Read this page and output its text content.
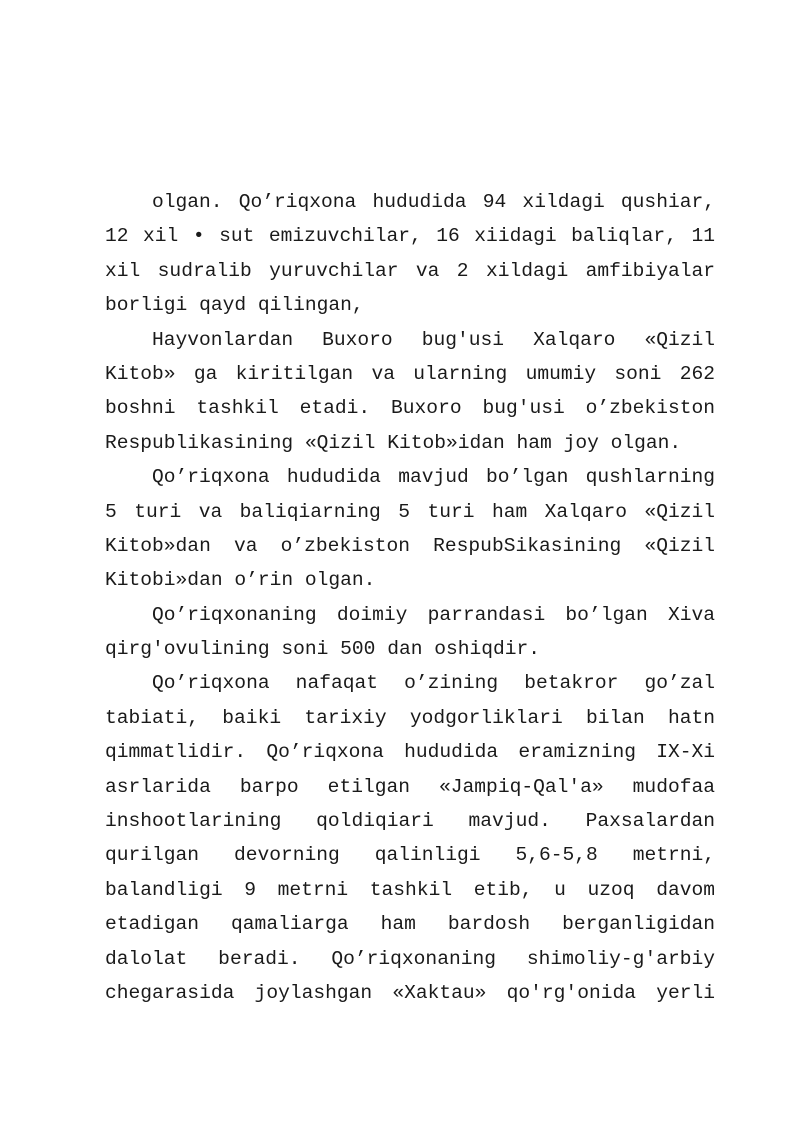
olgan. Qo’riqxona hududida 94 xildagi qushiar,
12 xil • sut emizuvchilar, 16 xiidagi baliqlar, 11
xil sudralib yuruvchilar va 2 xildagi amfibiyalar
borligi qayd qilingan,
Hayvonlardan Buxoro bug'usi Xalqaro «Qizil
Kitob» ga kiritilgan va ularning umumiy soni 262
boshni tashkil etadi. Buxoro bug'usi o’zbekiston
Respublikasining «Qizil Kitob»idan ham joy olgan.
Qo’riqxona hududida mavjud bo’lgan qushlarning
5 turi va baliqiarning 5 turi ham Xalqaro «Qizil
Kitob»dan va o’zbekiston RespubSikasining «Qizil
Kitobi»dan o’rin olgan.
Qo’riqxonaning doimiy parrandasi bo’lgan Xiva
qirg'ovulining soni 500 dan oshiqdir.
Qo’riqxona nafaqat o’zining betakror go’zal
tabiati, baiki tarixiy yodgorliklari bilan hatn
qimmatlidir. Qo’riqxona hududida eramizning IX-Xi
asrlarida barpo etilgan «Jampiq-Qal'a» mudofaa
inshootlarining qoldiqiari mavjud. Paxsalardan
qurilgan devorning qalinligi 5,6-5,8 metrni,
balandligi 9 metrni tashkil etib, u uzoq davom
etadigan qamaliarga ham bardosh berganligidan
dalolat beradi. Qo’riqxonaning shimoliy-g'arbiy
chegarasida joylashgan «Xaktau» qo'rg'onida yerli
